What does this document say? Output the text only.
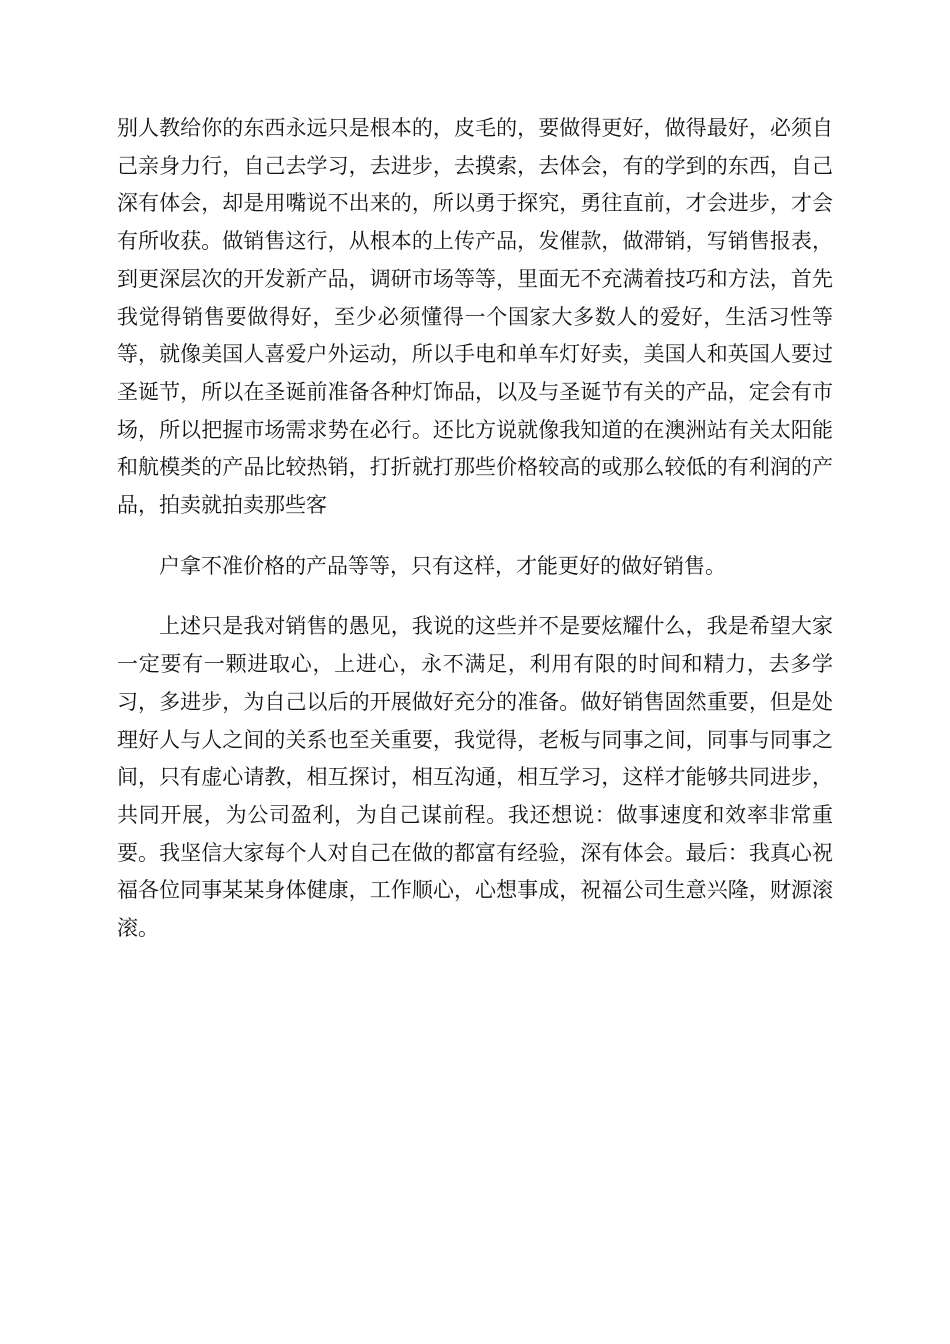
别人教给你的东西永远只是根本的，皮毛的，要做得更好，做得最好，必须自己亲身力行，自己去学习，去进步，去摸索，去体会，有的学到的东西，自己深有体会，却是用嘴说不出来的，所以勇于探究，勇往直前，才会进步，才会有所收获。做销售这行，从根本的上传产品，发催款，做滞销，写销售报表，到更深层次的开发新产品，调研市场等等，里面无不充满着技巧和方法，首先我觉得销售要做得好，至少必须懂得一个国家大多数人的爱好，生活习性等等，就像美国人喜爱户外运动，所以手电和单车灯好卖，美国人和英国人要过圣诞节，所以在圣诞前准备各种灯饰品，以及与圣诞节有关的产品，定会有市场，所以把握市场需求势在必行。还比方说就像我知道的在澳洲站有关太阳能和航模类的产品比较热销，打折就打那些价格较高的或那么较低的有利润的产品，拍卖就拍卖那些客

户拿不准价格的产品等等，只有这样，才能更好的做好销售。

上述只是我对销售的愚见，我说的这些并不是要炫耀什么，我是希望大家一定要有一颗进取心，上进心，永不满足，利用有限的时间和精力，去多学习，多进步，为自己以后的开展做好充分的准备。做好销售固然重要，但是处理好人与人之间的关系也至关重要，我觉得，老板与同事之间，同事与同事之间，只有虚心请教，相互探讨，相互沟通，相互学习，这样才能够共同进步，共同开展，为公司盈利，为自己谋前程。我还想说：做事速度和效率非常重要。我坚信大家每个人对自己在做的都富有经验，深有体会。最后：我真心祝福各位同事某某身体健康，工作顺心，心想事成，祝福公司生意兴隆，财源滚滚。
